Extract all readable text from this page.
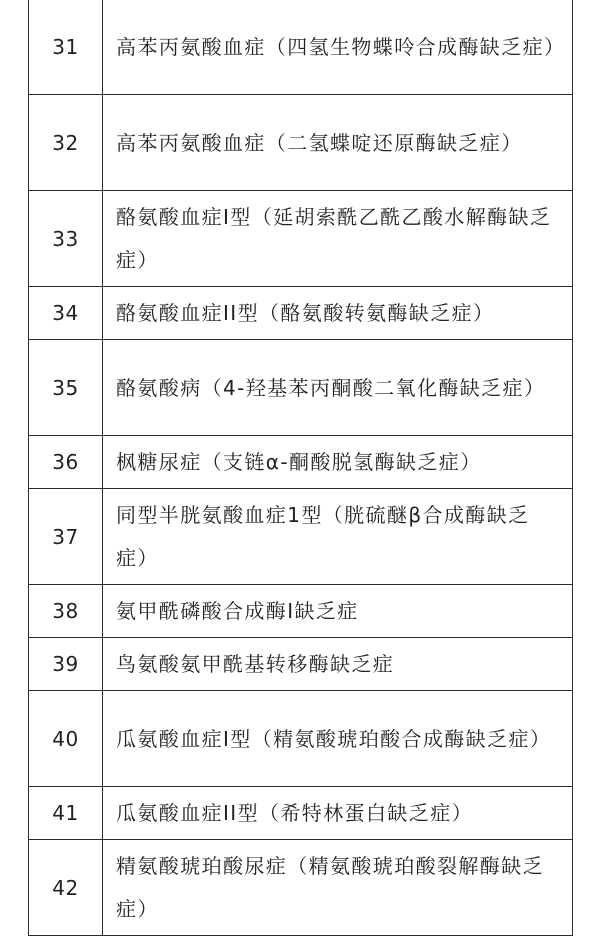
31	高苯丙氨酸血症（四氢生物蝶呤合成酶缺乏症）
32	高苯丙氨酸血症（二氢蝶啶还原酶缺乏症）
33	酪氨酸血症I型（延胡索酰乙酰乙酸水解酶缺乏症）
34	酪氨酸血症II型（酪氨酸转氨酶缺乏症）
35	酪氨酸病（4-羟基苯丙酮酸二氧化酶缺乏症）
36	枫糖尿症（支链α-酮酸脱氢酶缺乏症）
37	同型半胱氨酸血症1型（胱硫醚β合成酶缺乏症）
38	氨甲酰磷酸合成酶I缺乏症
39	鸟氨酸氨甲酰基转移酶缺乏症
40	瓜氨酸血症I型（精氨酸琥珀酸合成酶缺乏症）
41	瓜氨酸血症II型（希特林蛋白缺乏症）
42	精氨酸琥珀酸尿症（精氨酸琥珀酸裂解酶缺乏症）
